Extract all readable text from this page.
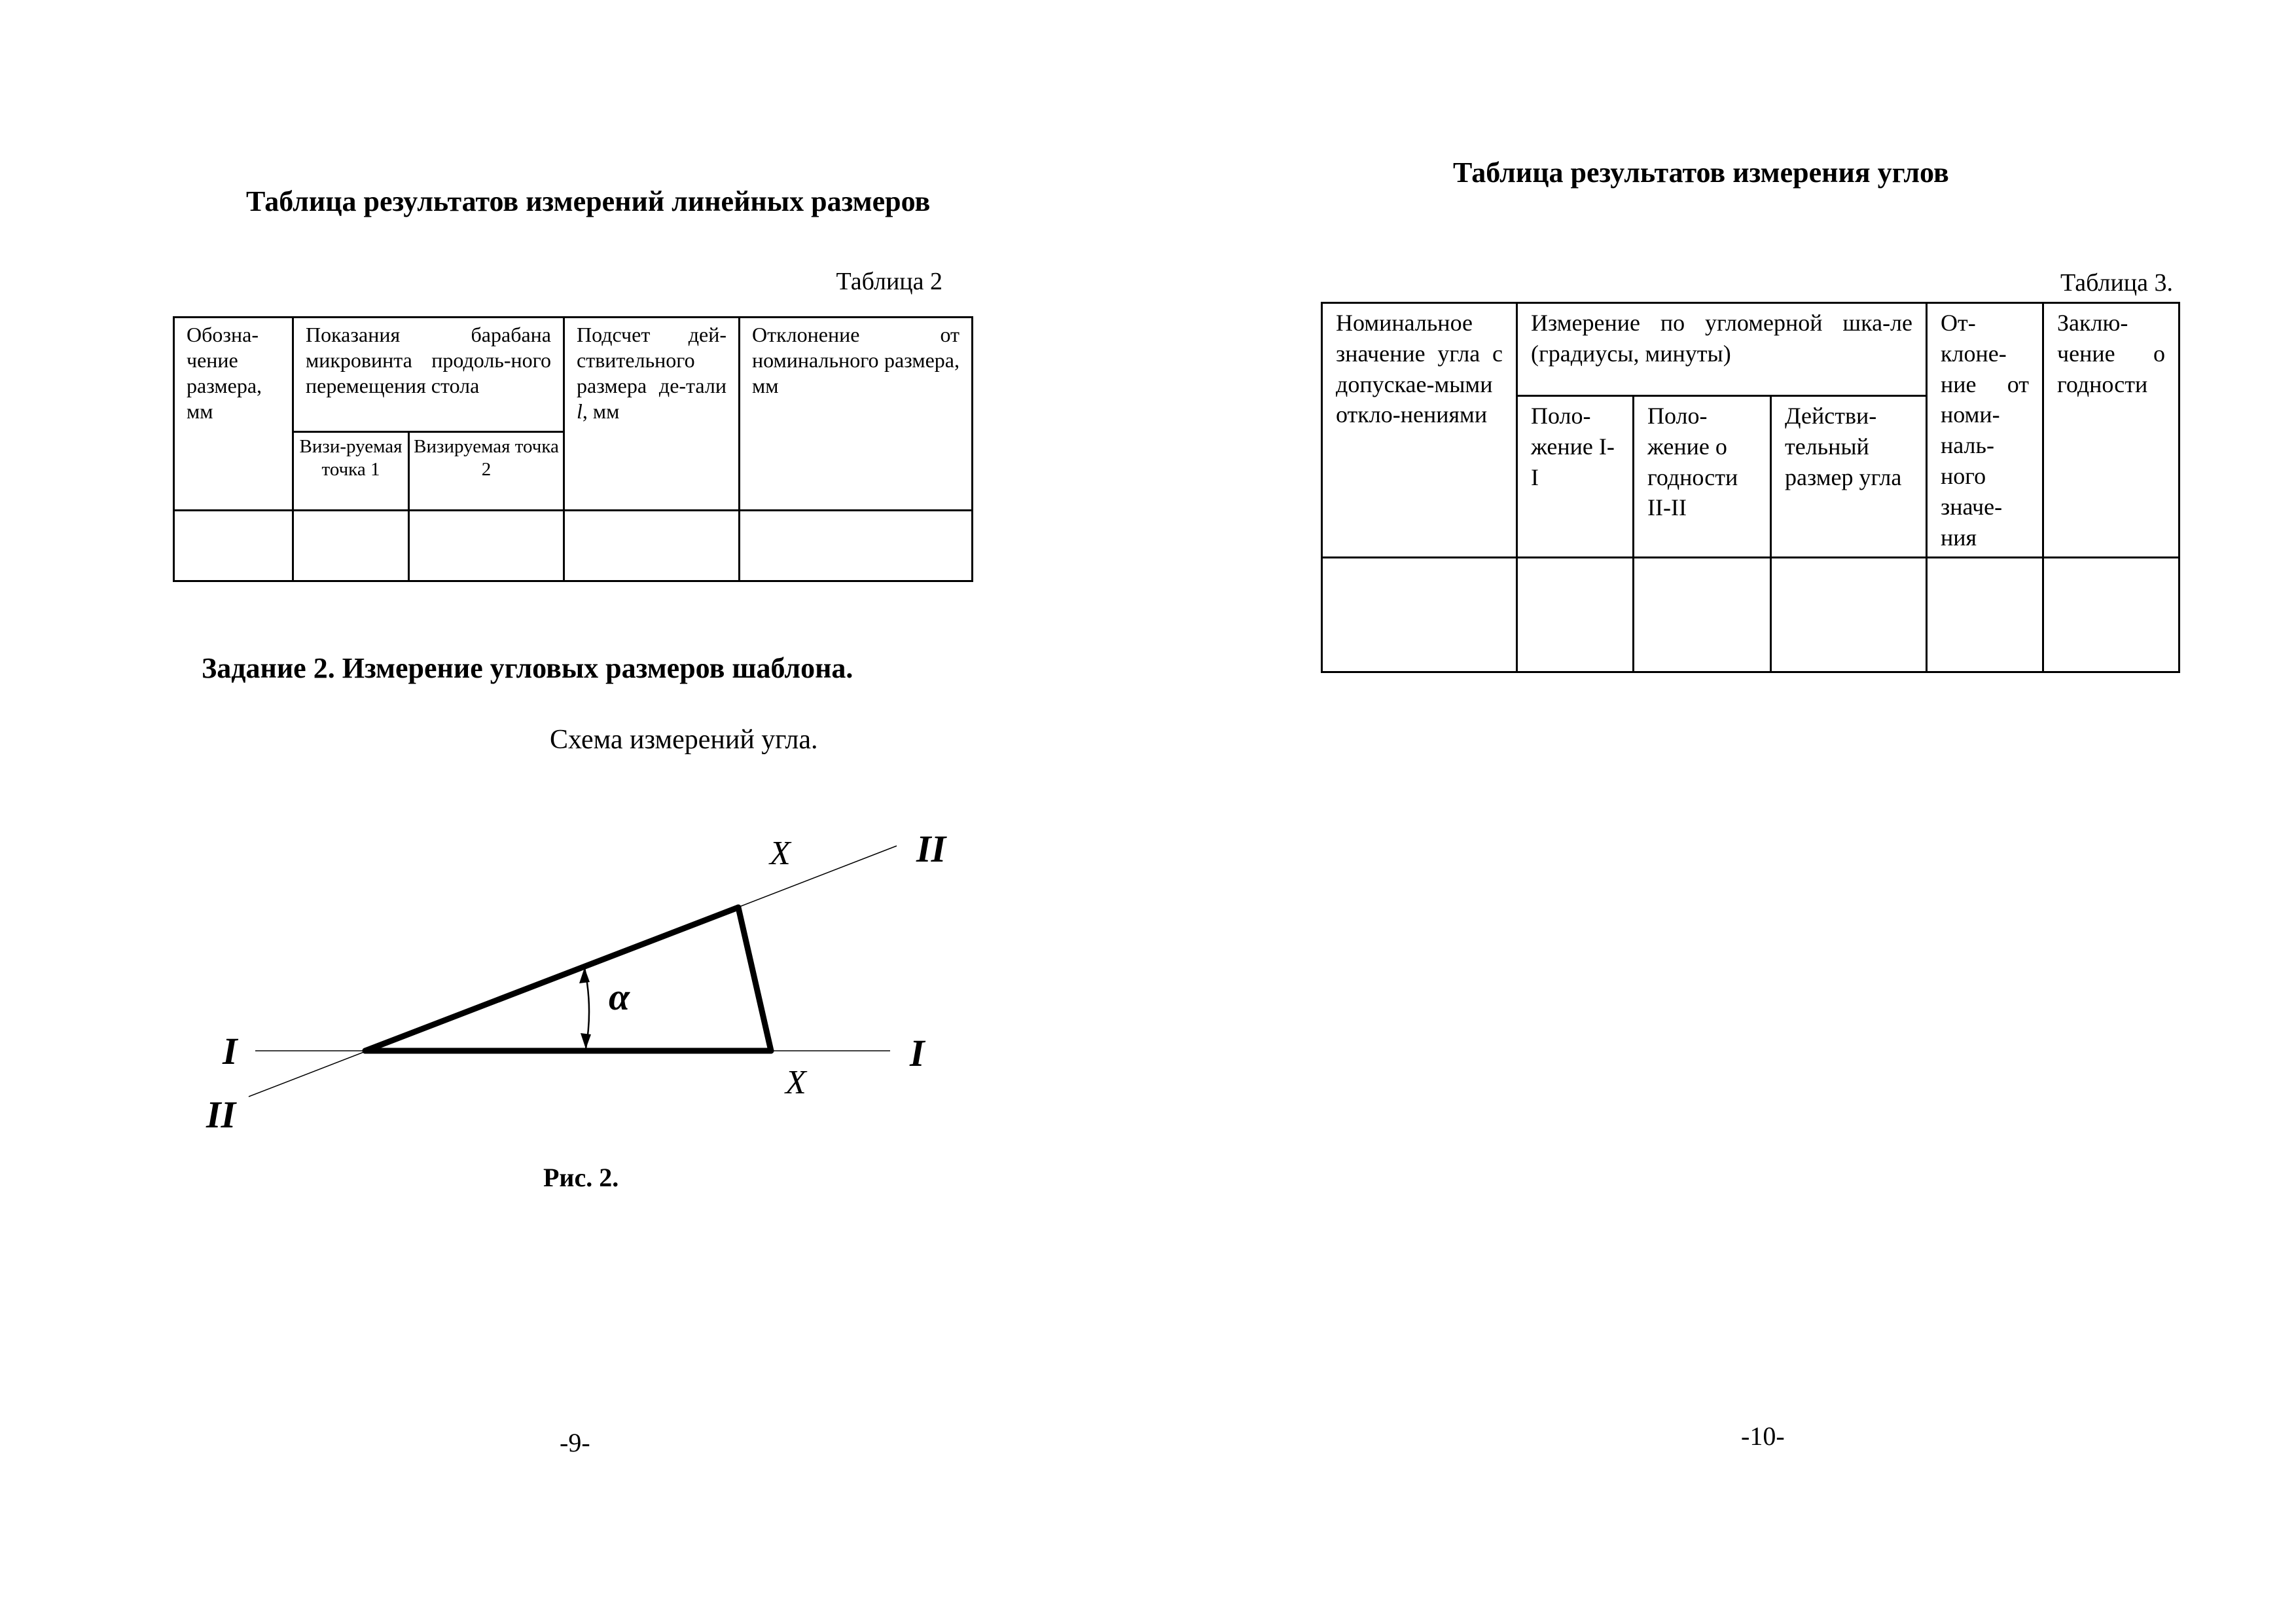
Таблица результатов измерений линейных размеров
Таблица 2
Обозна-чение размера, мм	Показания барабана микровинта продоль-ного перемещения стола		Подсчет дей-ствительного размера де-тали l, мм	Отклонение от номинального размера, мм
	Визи-руемая точка 1	Визируемая точка 2		

Задание 2. Измерение угловых размеров шаблона.
Схема измерений угла.
α
X
X
I	I
II
II
Рис. 2.
-9-
Таблица результатов измерения углов
Таблица 3.
Номинальное значение угла с допускае-мыми откло-нениями	Измерение по угломерной шка-ле (градиусы, минуты)			От-клоне-ние от номи-наль-ного значе-ния	Заклю-чение о годности
	Поло-жение I-I	Поло-жение о годности II-II	Действи-тельный размер угла		

-10-
